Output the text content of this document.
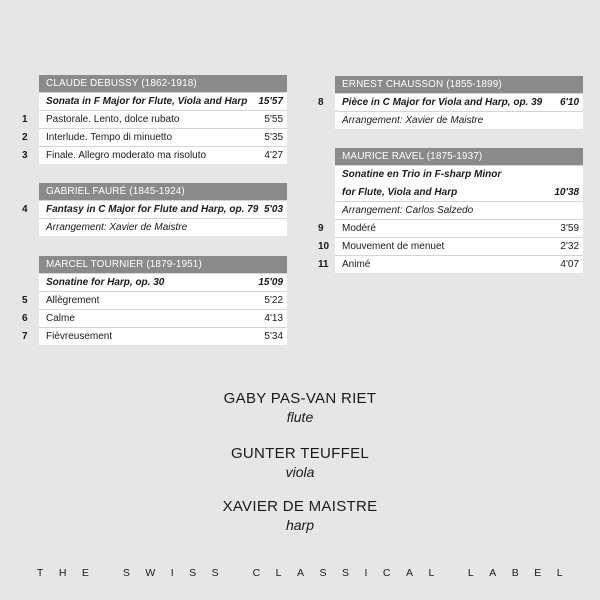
CLAUDE DEBUSSY (1862-1918)
Sonata in F Major for Flute, Viola and Harp 15'57
1	Pastorale. Lento, dolce rubato	5'55
2	Interlude. Tempo di minuetto	5'35
3	Finale. Allegro moderato ma risoluto	4'27
GABRIEL FAURÉ (1845-1924)
4	Fantasy in C Major for Flute and Harp, op. 79 5'03
Arrangement: Xavier de Maistre
MARCEL TOURNIER (1879-1951)
Sonatine for Harp, op. 30	15'09
5	Allègrement	5'22
6	Calme	4'13
7	Fièvreusement	5'34
ERNEST CHAUSSON (1855-1899)
8	Pièce in C Major for Viola and Harp, op. 39 6'10
Arrangement: Xavier de Maistre
MAURICE RAVEL (1875-1937)
Sonatine en Trio in F-sharp Minor
for Flute, Viola and Harp	10'38
Arrangement: Carlos Salzedo
9	Modéré	3'59
10	Mouvement de menuet	2'32
11	Animé	4'07
GABY PAS-VAN RIET
flute
GUNTER TEUFFEL
viola
XAVIER DE MAISTRE
harp
THE SWISS CLASSICAL LABEL
